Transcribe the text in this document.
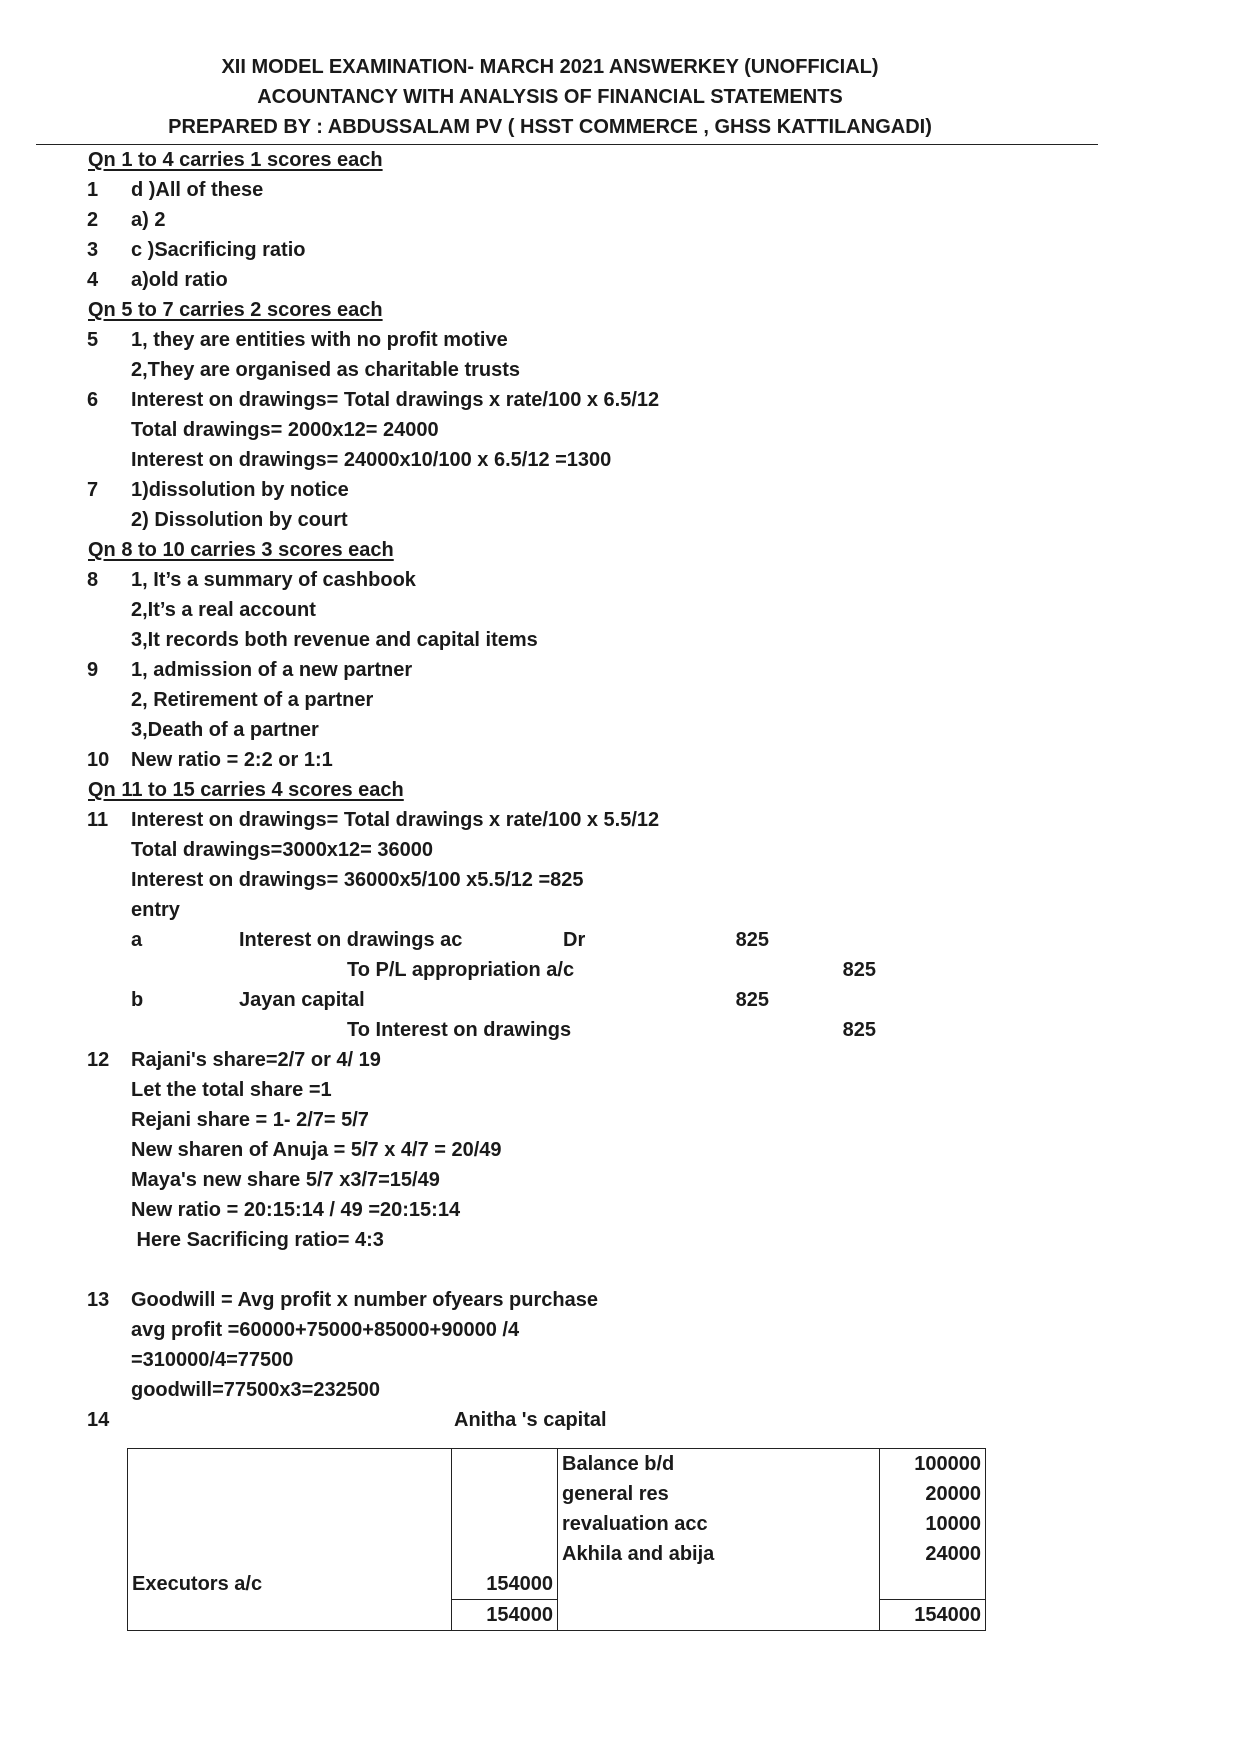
XII MODEL EXAMINATION- MARCH 2021 ANSWERKEY (UNOFFICIAL)
ACOUNTANCY WITH ANALYSIS OF FINANCIAL STATEMENTS
PREPARED BY : ABDUSSALAM PV ( HSST COMMERCE , GHSS KATTILANGADI)
Qn 1 to 4 carries 1 scores each
1 d )All of these
2 a) 2
3 c )Sacrificing ratio
4 a)old ratio
Qn 5 to 7 carries 2 scores each
5 1, they are entities with no profit motive
2,They are organised as charitable trusts
6 Interest on drawings= Total drawings x rate/100 x 6.5/12
Total drawings= 2000x12= 24000
Interest on drawings= 24000x10/100 x 6.5/12 =1300
7 1)dissolution by notice
2) Dissolution by court
Qn 8 to 10 carries 3 scores each
8 1, It’s a summary of cashbook
2,It’s a real account
3,It records both revenue and capital items
9 1, admission of a new partner
2, Retirement of a partner
3,Death of a partner
10 New ratio = 2:2 or 1:1
Qn 11 to 15 carries 4 scores each
11 Interest on drawings= Total drawings x rate/100 x 5.5/12
Total drawings=3000x12= 36000
Interest on drawings= 36000x5/100 x5.5/12 =825
entry
a	Interest on drawings ac	Dr	825
To P/L appropriation a/c	825
b	Jayan capital	825
To Interest on drawings	825
12 Rajani's share=2/7 or 4/ 19
Let the total share =1
Rejani share = 1- 2/7= 5/7
New sharen of Anuja = 5/7 x 4/7 = 20/49
Maya's new share 5/7 x3/7=15/49
New ratio = 20:15:14 / 49 =20:15:14
Here Sacrificing ratio= 4:3
13 Goodwill = Avg profit x number ofyears purchase
avg profit =60000+75000+85000+90000 /4
=310000/4=77500
goodwill=77500x3=232500
14	Anitha 's capital
		Balance b/d	100000
		general res	20000
		revaluation acc	10000
		Akhila and abija	24000
Executors a/c	154000		
	154000		154000
